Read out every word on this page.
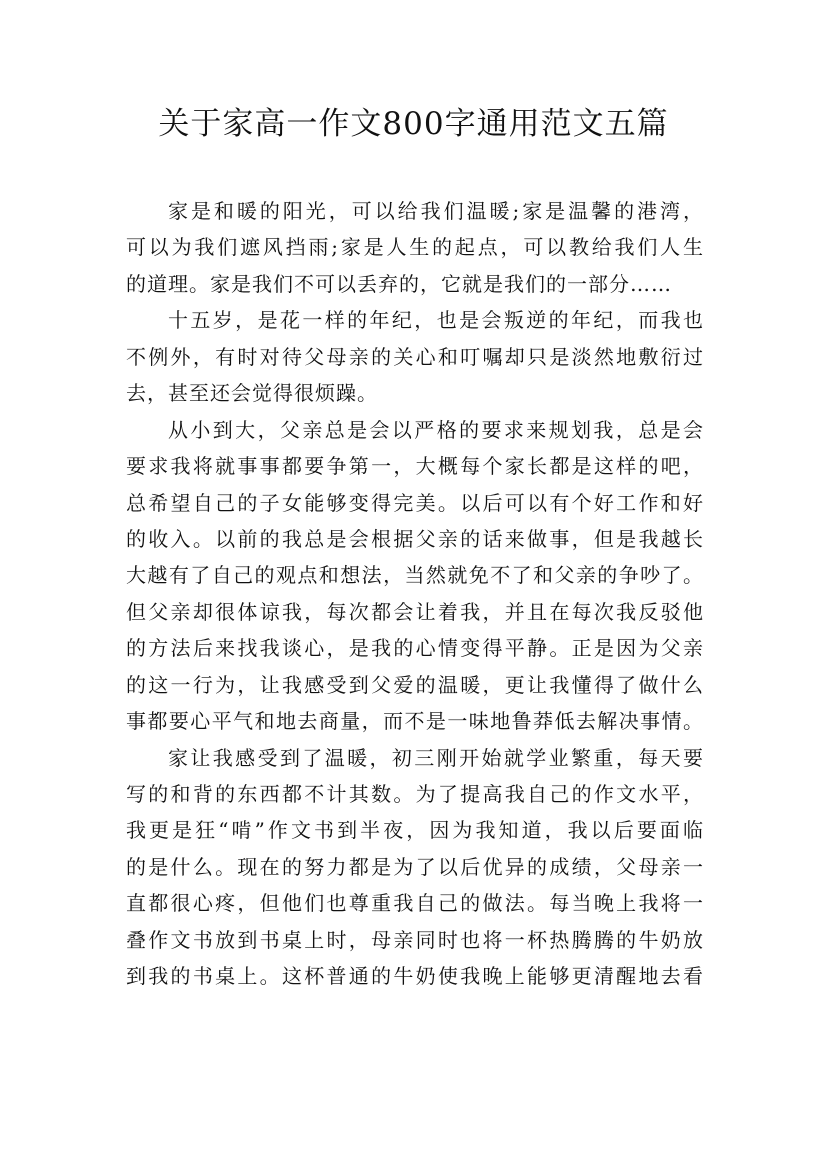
关于家高一作文800字通用范文五篇
家是和暖的阳光，可以给我们温暖;家是温馨的港湾，
可以为我们遮风挡雨;家是人生的起点，可以教给我们人生
的道理。家是我们不可以丢弃的，它就是我们的一部分……
十五岁，是花一样的年纪，也是会叛逆的年纪，而我也
不例外，有时对待父母亲的关心和叮嘱却只是淡然地敷衍过
去，甚至还会觉得很烦躁。
从小到大，父亲总是会以严格的要求来规划我，总是会
要求我将就事事都要争第一，大概每个家长都是这样的吧，
总希望自己的子女能够变得完美。以后可以有个好工作和好
的收入。以前的我总是会根据父亲的话来做事，但是我越长
大越有了自己的观点和想法，当然就免不了和父亲的争吵了。
但父亲却很体谅我，每次都会让着我，并且在每次我反驳他
的方法后来找我谈心，是我的心情变得平静。正是因为父亲
的这一行为，让我感受到父爱的温暖，更让我懂得了做什么
事都要心平气和地去商量，而不是一味地鲁莽低去解决事情。
家让我感受到了温暖，初三刚开始就学业繁重，每天要
写的和背的东西都不计其数。为了提高我自己的作文水平，
我更是狂“啃”作文书到半夜，因为我知道，我以后要面临
的是什么。现在的努力都是为了以后优异的成绩，父母亲一
直都很心疼，但他们也尊重我自己的做法。每当晚上我将一
叠作文书放到书桌上时，母亲同时也将一杯热腾腾的牛奶放
到我的书桌上。这杯普通的牛奶使我晚上能够更清醒地去看
